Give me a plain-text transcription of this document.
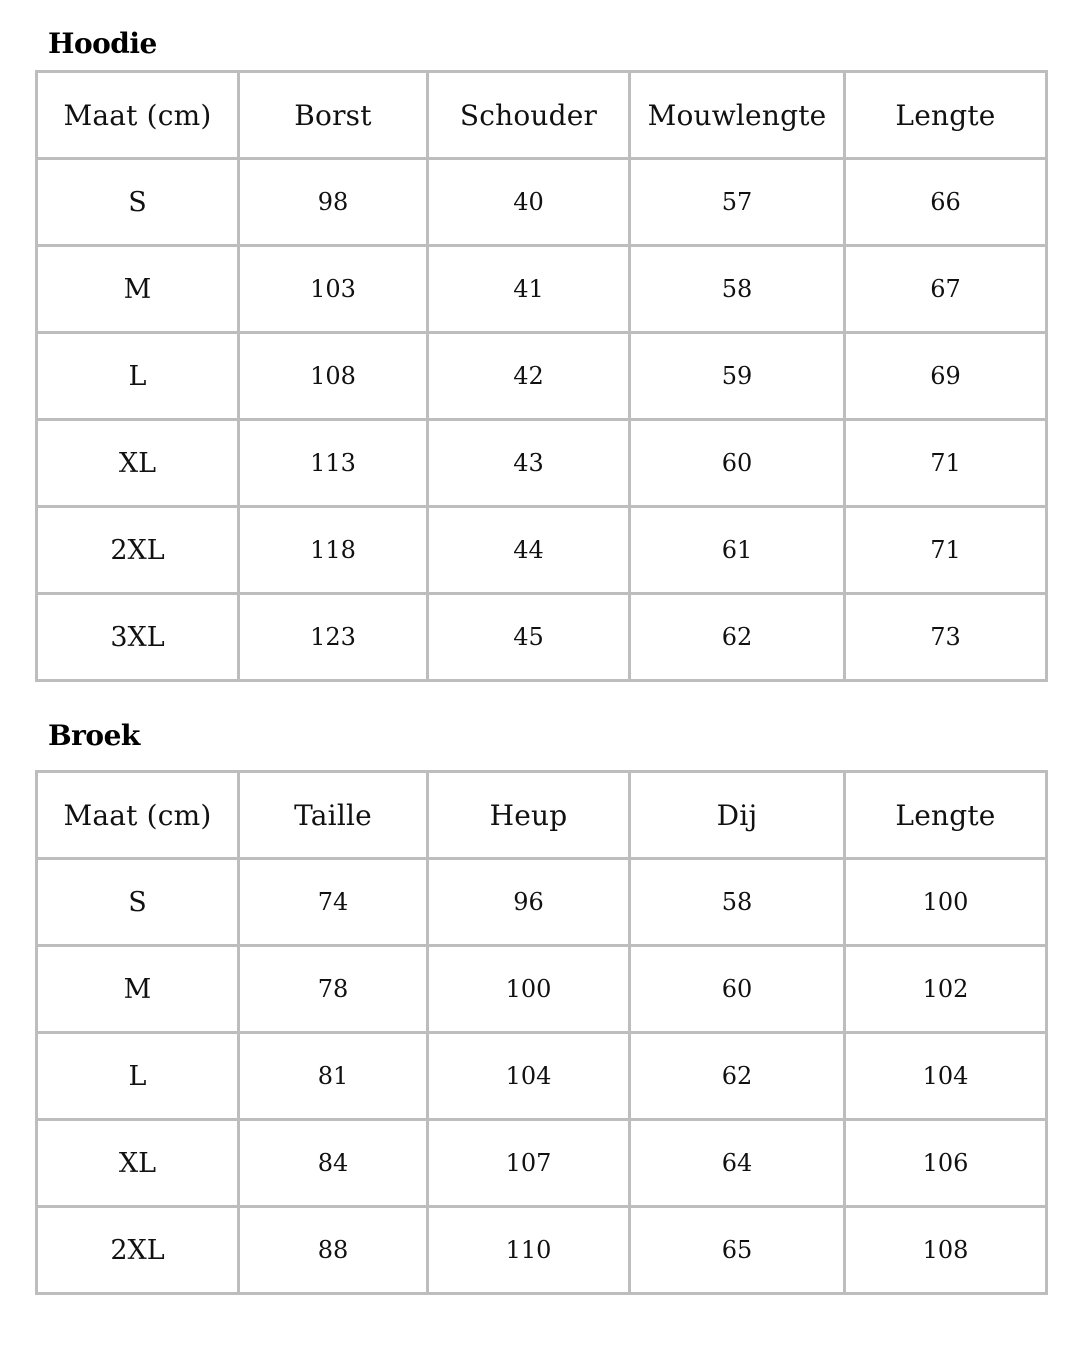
Hoodie
Maat (cm)	Borst	Schouder	Mouwlengte	Lengte
S	98	40	57	66
M	103	41	58	67
L	108	42	59	69
XL	113	43	60	71
2XL	118	44	61	71
3XL	123	45	62	73
Broek
Maat (cm)	Taille	Heup	Dij	Lengte
S	74	96	58	100
M	78	100	60	102
L	81	104	62	104
XL	84	107	64	106
2XL	88	110	65	108
